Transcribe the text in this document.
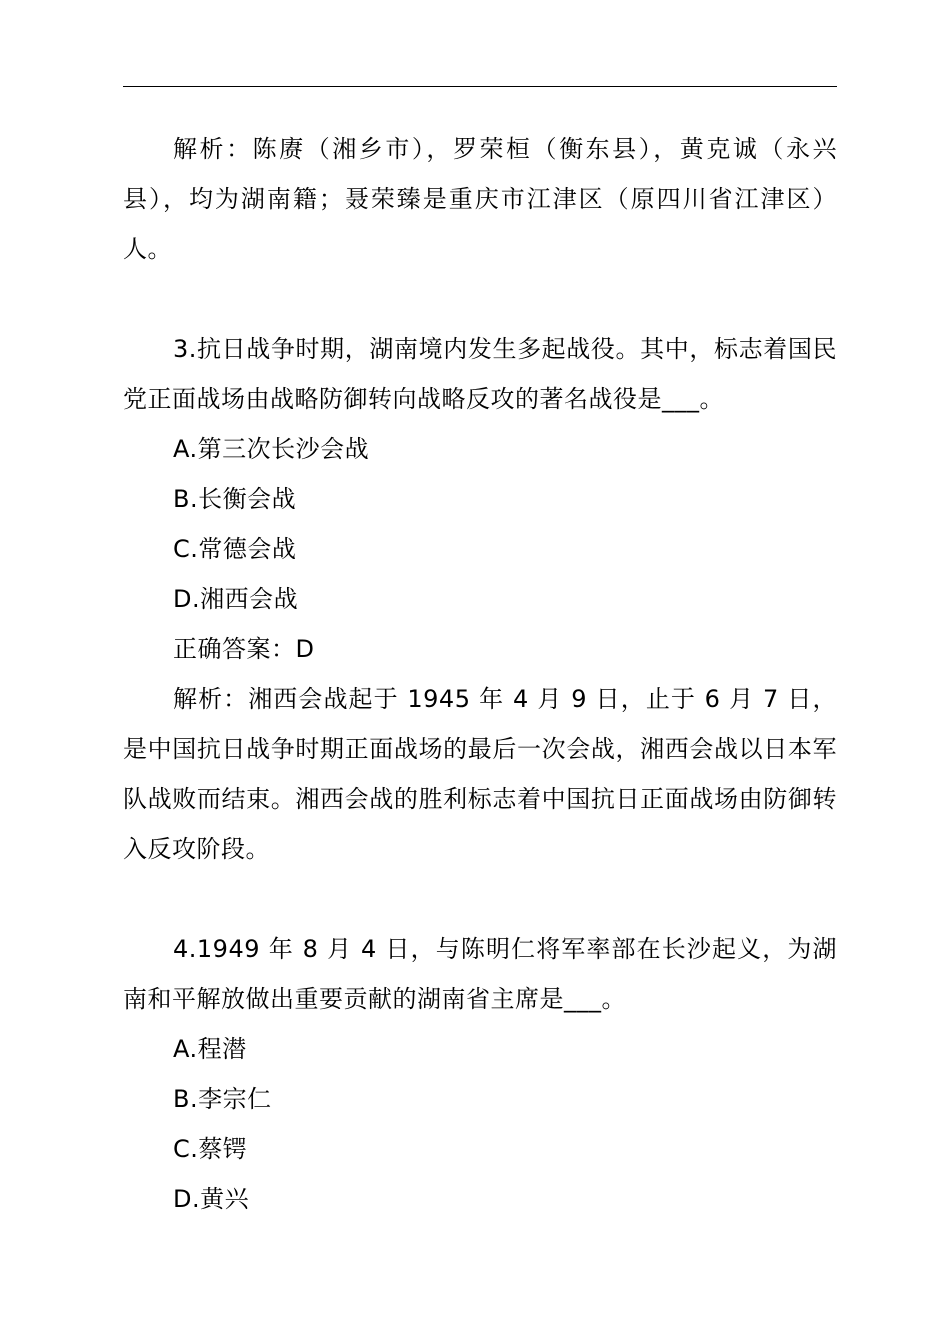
解析：陈赓（湘乡市），罗荣桓（衡东县），黄克诚（永兴县），均为湖南籍；聂荣臻是重庆市江津区（原四川省江津区）人。

3.抗日战争时期，湖南境内发生多起战役。其中，标志着国民党正面战场由战略防御转向战略反攻的著名战役是___。

A.第三次长沙会战

B.长衡会战

C.常德会战

D.湘西会战

正确答案：D

解析：湘西会战起于 1945 年 4 月 9 日，止于 6 月 7 日，是中国抗日战争时期正面战场的最后一次会战，湘西会战以日本军队战败而结束。湘西会战的胜利标志着中国抗日正面战场由防御转入反攻阶段。

4.1949 年 8 月 4 日，与陈明仁将军率部在长沙起义，为湖南和平解放做出重要贡献的湖南省主席是___。

A.程潜

B.李宗仁

C.蔡锷

D.黄兴
